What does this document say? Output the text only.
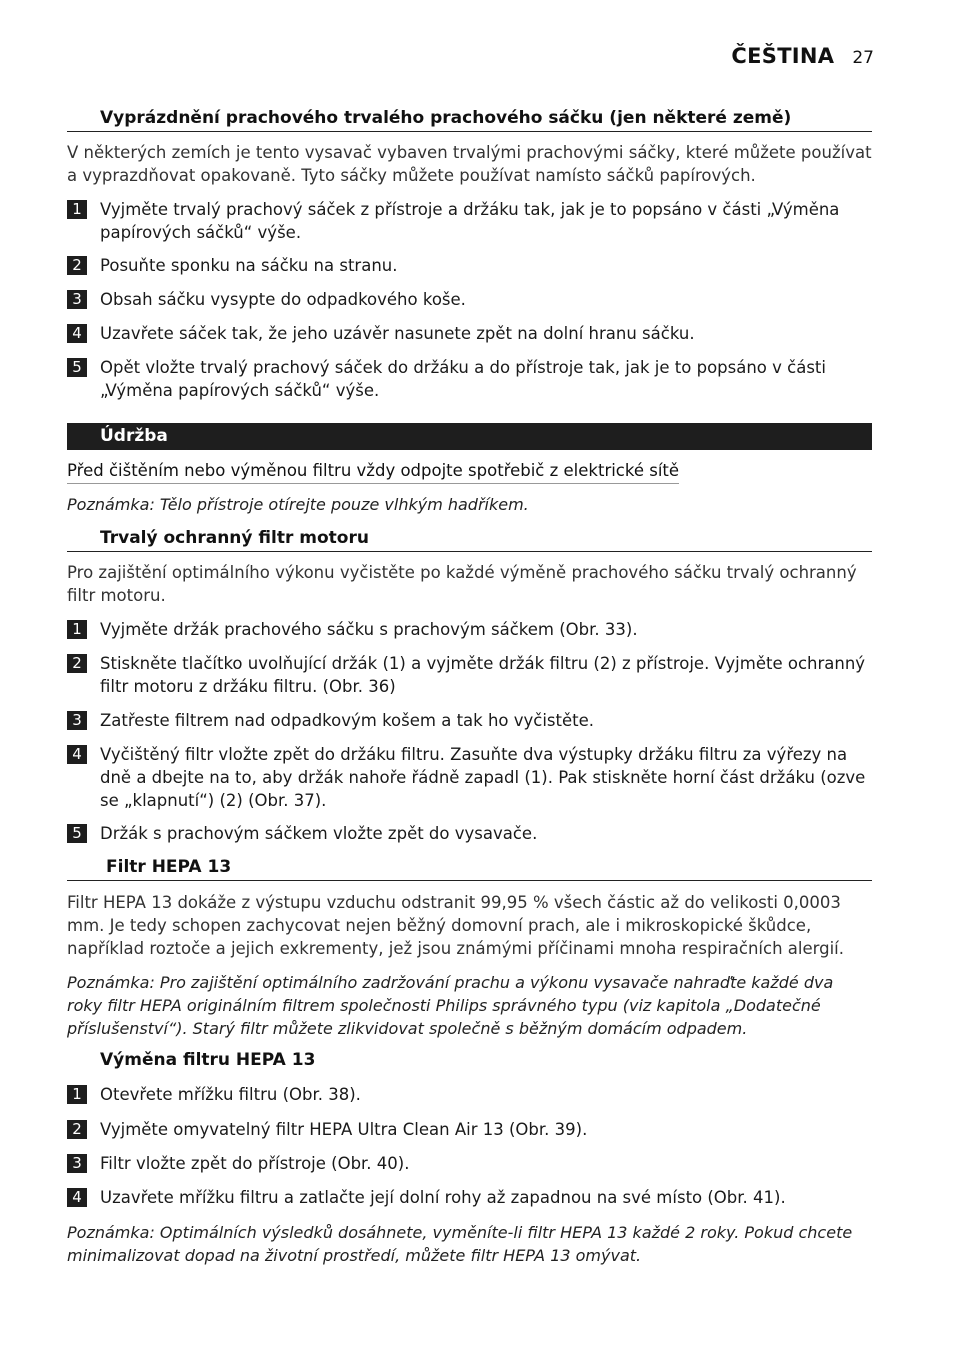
ČEŠTINA 27
Vyprázdnění prachového trvalého prachového sáčku (jen některé země)
V některých zemích je tento vysavač vybaven trvalými prachovými sáčky, které můžete používat a vyprazdňovat opakovaně. Tyto sáčky můžete používat namísto sáčků papírových.
1	Vyjměte trvalý prachový sáček z přístroje a držáku tak, jak je to popsáno v části „Výměna papírových sáčků“ výše.
2	Posuňte sponku na sáčku na stranu.
3	Obsah sáčku vysypte do odpadkového koše.
4	Uzavřete sáček tak, že jeho uzávěr nasunete zpět na dolní hranu sáčku.
5	Opět vložte trvalý prachový sáček do držáku a do přístroje tak, jak je to popsáno v části „Výměna papírových sáčků“ výše.
Údržba
Před čištěním nebo výměnou filtru vždy odpojte spotřebič z elektrické sítě
Poznámka: Tělo přístroje otírejte pouze vlhkým hadříkem.
Trvalý ochranný filtr motoru
Pro zajištění optimálního výkonu vyčistěte po každé výměně prachového sáčku trvalý ochranný filtr motoru.
1	Vyjměte držák prachového sáčku s prachovým sáčkem (Obr. 33).
2	Stiskněte tlačítko uvolňující držák (1) a vyjměte držák filtru (2) z přístroje. Vyjměte ochranný filtr motoru z držáku filtru. (Obr. 36)
3	Zatřeste filtrem nad odpadkovým košem a tak ho vyčistěte.
4	Vyčištěný filtr vložte zpět do držáku filtru. Zasuňte dva výstupky držáku filtru za výřezy na dně a dbejte na to, aby držák nahoře řádně zapadl (1). Pak stiskněte horní část držáku (ozve se „klapnutí“) (2) (Obr. 37).
5	Držák s prachovým sáčkem vložte zpět do vysavače.
Filtr HEPA 13
Filtr HEPA 13 dokáže z výstupu vzduchu odstranit 99,95 % všech částic až do velikosti 0,0003 mm. Je tedy schopen zachycovat nejen běžný domovní prach, ale i mikroskopické škůdce, například roztoče a jejich exkrementy, jež jsou známými příčinami mnoha respiračních alergií.
Poznámka: Pro zajištění optimálního zadržování prachu a výkonu vysavače nahraďte každé dva roky filtr HEPA originálním filtrem společnosti Philips správného typu (viz kapitola „Dodatečné příslušenství“). Starý filtr můžete zlikvidovat společně s běžným domácím odpadem.
Výměna filtru HEPA 13
1	Otevřete mřížku filtru (Obr. 38).
2	Vyjměte omyvatelný filtr HEPA Ultra Clean Air 13 (Obr. 39).
3	Filtr vložte zpět do přístroje (Obr. 40).
4	Uzavřete mřížku filtru a zatlačte její dolní rohy až zapadnou na své místo (Obr. 41).
Poznámka: Optimálních výsledků dosáhnete, vyměníte-li filtr HEPA 13 každé 2 roky. Pokud chcete minimalizovat dopad na životní prostředí, můžete filtr HEPA 13 omývat.
